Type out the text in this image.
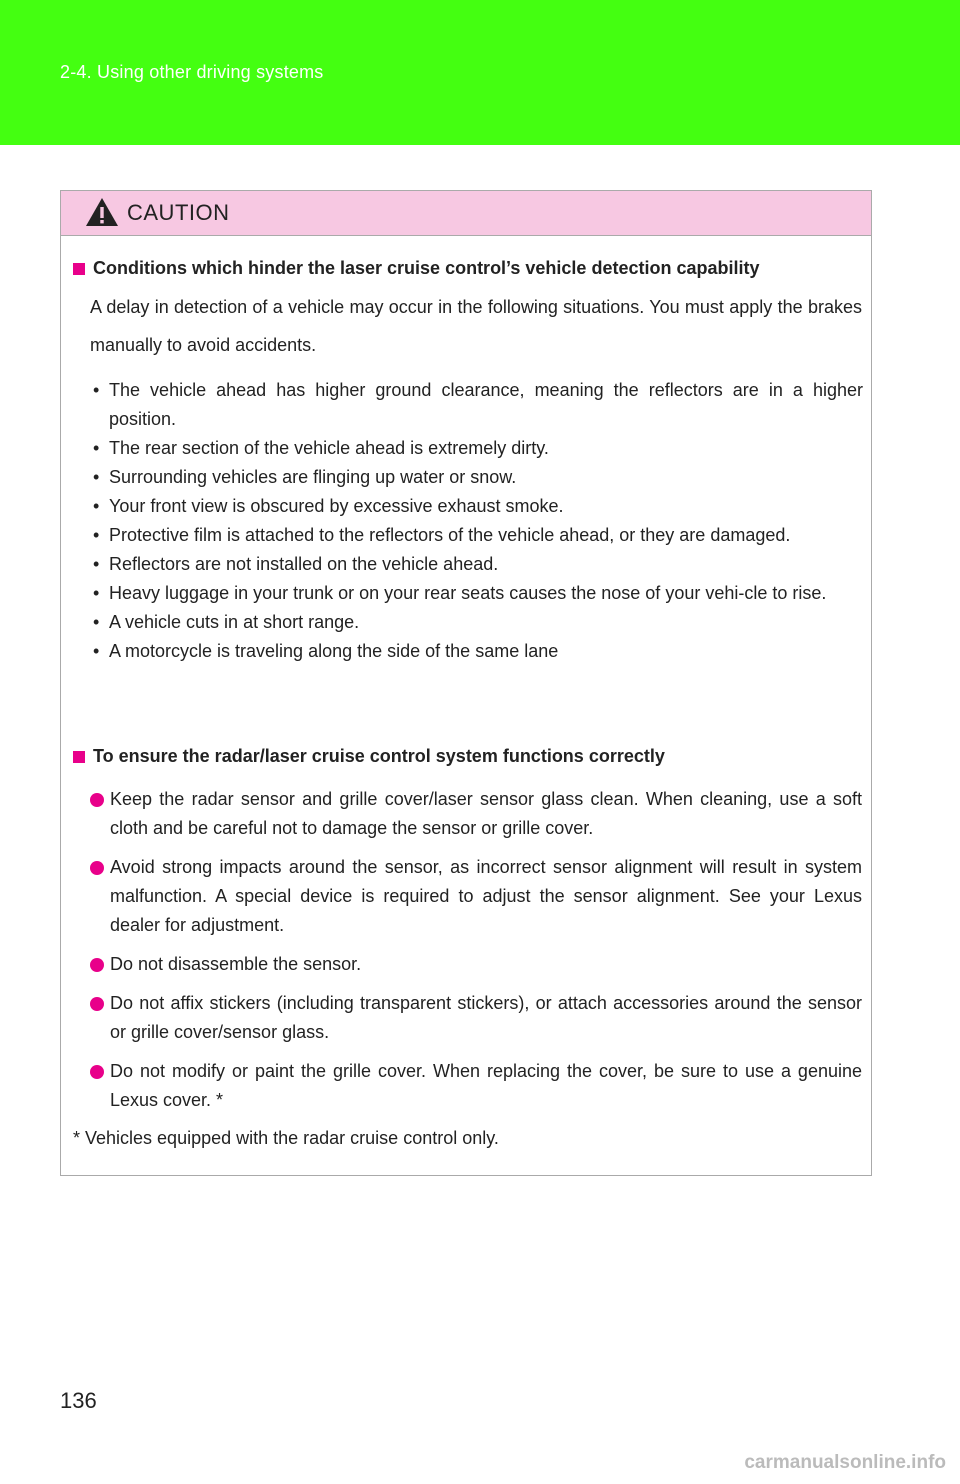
2-4. Using other driving systems
CAUTION
Conditions which hinder the laser cruise control’s vehicle detection capability
A delay in detection of a vehicle may occur in the following situations. You must apply the brakes manually to avoid accidents.
• The vehicle ahead has higher ground clearance, meaning the reflectors are in a higher position.
• The rear section of the vehicle ahead is extremely dirty.
• Surrounding vehicles are flinging up water or snow.
• Your front view is obscured by excessive exhaust smoke.
• Protective film is attached to the reflectors of the vehicle ahead, or they are damaged.
• Reflectors are not installed on the vehicle ahead.
• Heavy luggage in your trunk or on your rear seats causes the nose of your vehi-cle to rise.
• A vehicle cuts in at short range.
• A motorcycle is traveling along the side of the same lane
To ensure the radar/laser cruise control system functions correctly
Keep the radar sensor and grille cover/laser sensor glass clean. When cleaning, use a soft cloth and be careful not to damage the sensor or grille cover.
Avoid strong impacts around the sensor, as incorrect sensor alignment will result in system malfunction. A special device is required to adjust the sensor alignment. See your Lexus dealer for adjustment.
Do not disassemble the sensor.
Do not affix stickers (including transparent stickers), or attach accessories around the sensor or grille cover/sensor glass.
Do not modify or paint the grille cover. When replacing the cover, be sure to use a genuine Lexus cover. *
* Vehicles equipped with the radar cruise control only.
136
carmanualsonline.info
